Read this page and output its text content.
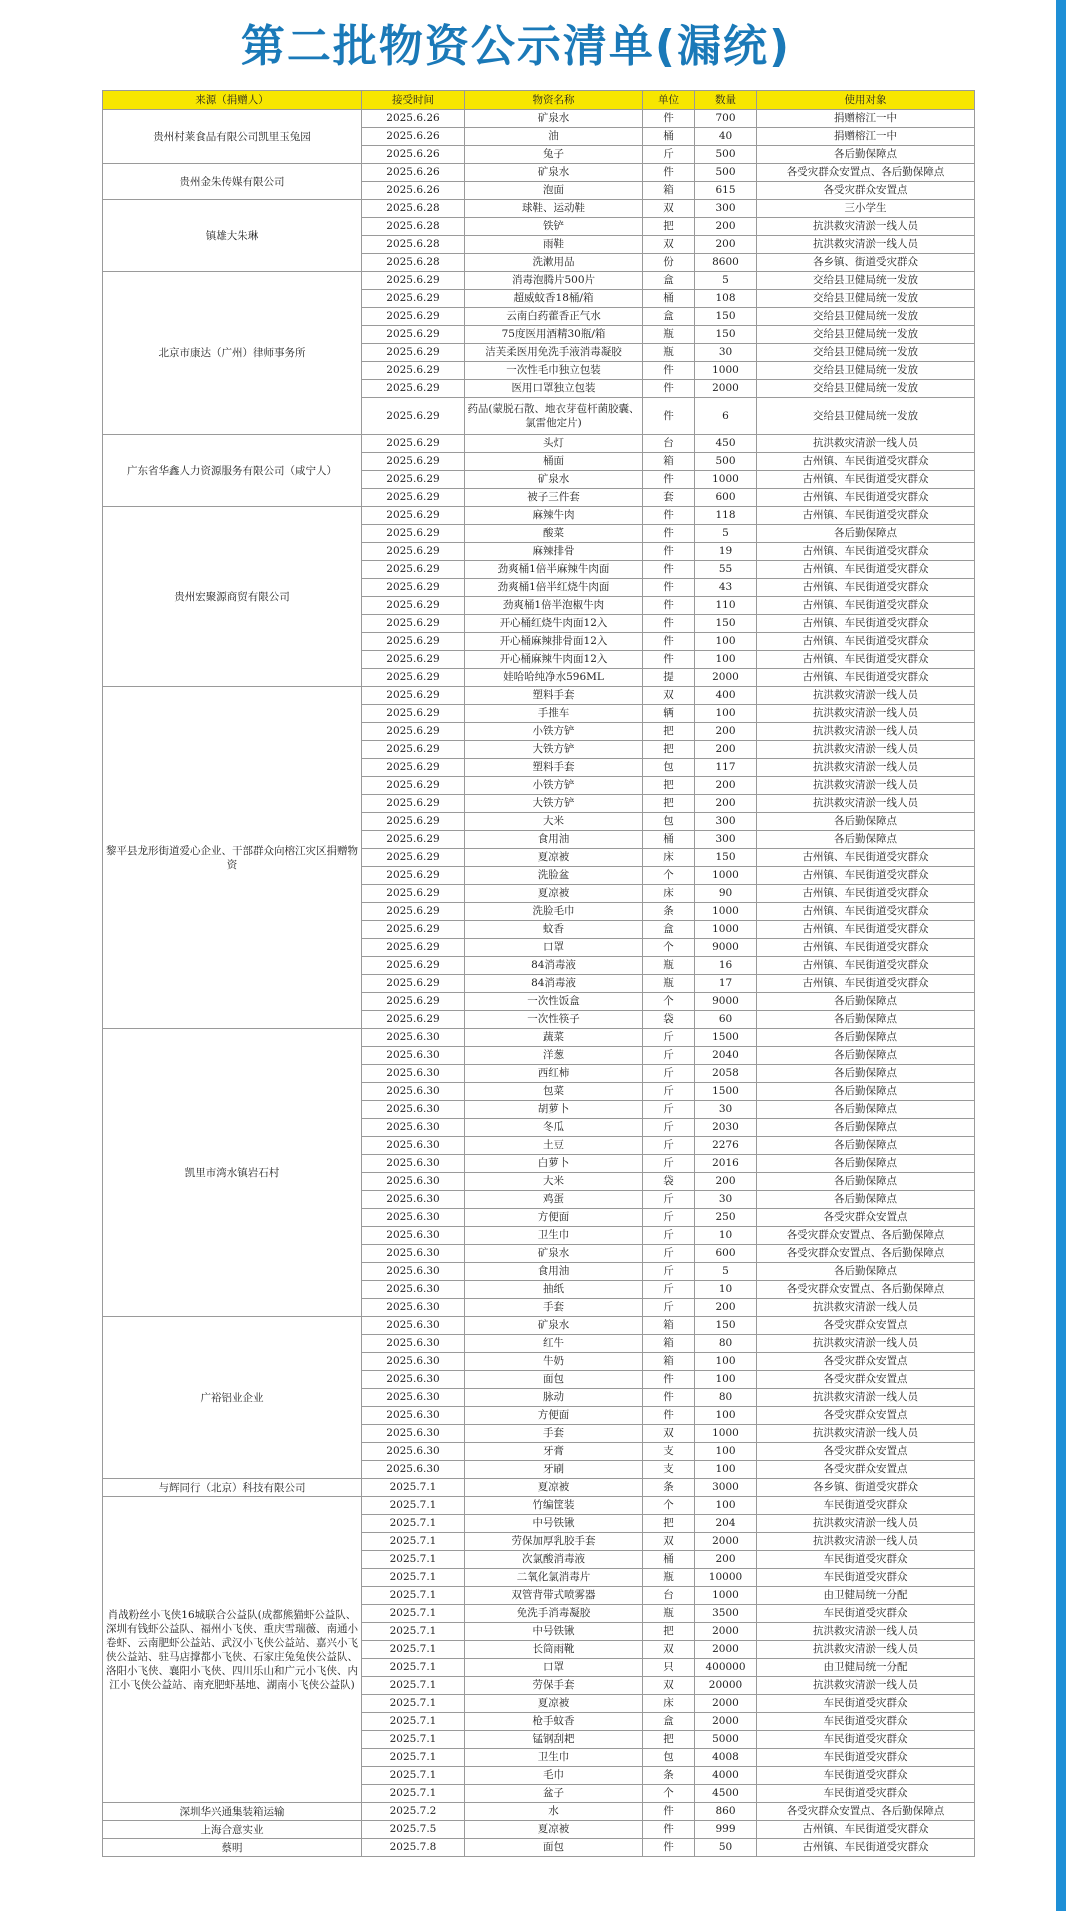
第二批物资公示清单(漏统)
来源（捐赠人）	接受时间	物资名称	单位	数量	使用对象
贵州村莱食品有限公司凯里玉兔园	2025.6.26	矿泉水	件	700	捐赠榕江一中
	2025.6.26	油	桶	40	捐赠榕江一中
	2025.6.26	兔子	斤	500	各后勤保障点
贵州金朱传媒有限公司	2025.6.26	矿泉水	件	500	各受灾群众安置点、各后勤保障点
	2025.6.26	泡面	箱	615	各受灾群众安置点
镇雄大朱琳	2025.6.28	球鞋、运动鞋	双	300	三小学生
	2025.6.28	铁铲	把	200	抗洪救灾清淤一线人员
	2025.6.28	雨鞋	双	200	抗洪救灾清淤一线人员
	2025.6.28	洗漱用品	份	8600	各乡镇、街道受灾群众
北京市康达（广州）律师事务所	2025.6.29	消毒泡腾片500片	盒	5	交给县卫健局统一发放
	2025.6.29	超威蚊香18桶/箱	桶	108	交给县卫健局统一发放
	2025.6.29	云南白药藿香正气水	盒	150	交给县卫健局统一发放
	2025.6.29	75度医用酒精30瓶/箱	瓶	150	交给县卫健局统一发放
	2025.6.29	洁芙柔医用免洗手液消毒凝胶	瓶	30	交给县卫健局统一发放
	2025.6.29	一次性毛巾独立包装	件	1000	交给县卫健局统一发放
	2025.6.29	医用口罩独立包装	件	2000	交给县卫健局统一发放
	2025.6.29	药品(蒙脱石散、地衣芽苞杆菌胶囊、氯雷他定片)	件	6	交给县卫健局统一发放
广东省华鑫人力资源服务有限公司（咸宁人）	2025.6.29	头灯	台	450	抗洪救灾清淤一线人员
	2025.6.29	桶面	箱	500	古州镇、车民街道受灾群众
	2025.6.29	矿泉水	件	1000	古州镇、车民街道受灾群众
	2025.6.29	被子三件套	套	600	古州镇、车民街道受灾群众
贵州宏聚源商贸有限公司	2025.6.29	麻辣牛肉	件	118	古州镇、车民街道受灾群众
	2025.6.29	酸菜	件	5	各后勤保障点
	2025.6.29	麻辣排骨	件	19	古州镇、车民街道受灾群众
	2025.6.29	劲爽桶1倍半麻辣牛肉面	件	55	古州镇、车民街道受灾群众
	2025.6.29	劲爽桶1倍半红烧牛肉面	件	43	古州镇、车民街道受灾群众
	2025.6.29	劲爽桶1倍半泡椒牛肉	件	110	古州镇、车民街道受灾群众
	2025.6.29	开心桶红烧牛肉面12入	件	150	古州镇、车民街道受灾群众
	2025.6.29	开心桶麻辣排骨面12入	件	100	古州镇、车民街道受灾群众
	2025.6.29	开心桶麻辣牛肉面12入	件	100	古州镇、车民街道受灾群众
	2025.6.29	娃哈哈纯净水596ML	提	2000	古州镇、车民街道受灾群众
黎平县龙形街道爱心企业、干部群众向榕江灾区捐赠物资	2025.6.29	塑料手套	双	400	抗洪救灾清淤一线人员
	2025.6.29	手推车	辆	100	抗洪救灾清淤一线人员
	2025.6.29	小铁方铲	把	200	抗洪救灾清淤一线人员
	2025.6.29	大铁方铲	把	200	抗洪救灾清淤一线人员
	2025.6.29	塑料手套	包	117	抗洪救灾清淤一线人员
	2025.6.29	小铁方铲	把	200	抗洪救灾清淤一线人员
	2025.6.29	大铁方铲	把	200	抗洪救灾清淤一线人员
	2025.6.29	大米	包	300	各后勤保障点
	2025.6.29	食用油	桶	300	各后勤保障点
	2025.6.29	夏凉被	床	150	古州镇、车民街道受灾群众
	2025.6.29	洗脸盆	个	1000	古州镇、车民街道受灾群众
	2025.6.29	夏凉被	床	90	古州镇、车民街道受灾群众
	2025.6.29	洗脸毛巾	条	1000	古州镇、车民街道受灾群众
	2025.6.29	蚊香	盒	1000	古州镇、车民街道受灾群众
	2025.6.29	口罩	个	9000	古州镇、车民街道受灾群众
	2025.6.29	84消毒液	瓶	16	古州镇、车民街道受灾群众
	2025.6.29	84消毒液	瓶	17	古州镇、车民街道受灾群众
	2025.6.29	一次性饭盒	个	9000	各后勤保障点
	2025.6.29	一次性筷子	袋	60	各后勤保障点
凯里市湾水镇岩石村	2025.6.30	蔬菜	斤	1500	各后勤保障点
	2025.6.30	洋葱	斤	2040	各后勤保障点
	2025.6.30	西红柿	斤	2058	各后勤保障点
	2025.6.30	包菜	斤	1500	各后勤保障点
	2025.6.30	胡萝卜	斤	30	各后勤保障点
	2025.6.30	冬瓜	斤	2030	各后勤保障点
	2025.6.30	土豆	斤	2276	各后勤保障点
	2025.6.30	白萝卜	斤	2016	各后勤保障点
	2025.6.30	大米	袋	200	各后勤保障点
	2025.6.30	鸡蛋	斤	30	各后勤保障点
	2025.6.30	方便面	斤	250	各受灾群众安置点
	2025.6.30	卫生巾	斤	10	各受灾群众安置点、各后勤保障点
	2025.6.30	矿泉水	斤	600	各受灾群众安置点、各后勤保障点
	2025.6.30	食用油	斤	5	各后勤保障点
	2025.6.30	抽纸	斤	10	各受灾群众安置点、各后勤保障点
	2025.6.30	手套	斤	200	抗洪救灾清淤一线人员
广裕铝业企业	2025.6.30	矿泉水	箱	150	各受灾群众安置点
	2025.6.30	红牛	箱	80	抗洪救灾清淤一线人员
	2025.6.30	牛奶	箱	100	各受灾群众安置点
	2025.6.30	面包	件	100	各受灾群众安置点
	2025.6.30	脉动	件	80	抗洪救灾清淤一线人员
	2025.6.30	方便面	件	100	各受灾群众安置点
	2025.6.30	手套	双	1000	抗洪救灾清淤一线人员
	2025.6.30	牙膏	支	100	各受灾群众安置点
	2025.6.30	牙刷	支	100	各受灾群众安置点
与辉同行（北京）科技有限公司	2025.7.1	夏凉被	条	3000	各乡镇、街道受灾群众
肖战粉丝小飞侠16城联合公益队(成都熊猫虾公益队、深圳有钱虾公益队、福州小飞侠、重庆雪瑞薇、南通小卷虾、云南肥虾公益站、武汉小飞侠公益站、嘉兴小飞侠公益站、驻马店撑都小飞侠、石家庄兔兔侠公益队、洛阳小飞侠、襄阳小飞侠、四川乐山和广元小飞侠、内江小飞侠公益站、南充肥虾基地、湖南小飞侠公益队)	2025.7.1	竹编筐装	个	100	车民街道受灾群众
	2025.7.1	中号铁锹	把	204	抗洪救灾清淤一线人员
	2025.7.1	劳保加厚乳胶手套	双	2000	抗洪救灾清淤一线人员
	2025.7.1	次氯酸消毒液	桶	200	车民街道受灾群众
	2025.7.1	二氧化氯消毒片	瓶	10000	车民街道受灾群众
	2025.7.1	双管背带式喷雾器	台	1000	由卫健局统一分配
	2025.7.1	免洗手消毒凝胶	瓶	3500	车民街道受灾群众
	2025.7.1	中号铁锹	把	2000	抗洪救灾清淤一线人员
	2025.7.1	长筒雨靴	双	2000	抗洪救灾清淤一线人员
	2025.7.1	口罩	只	400000	由卫健局统一分配
	2025.7.1	劳保手套	双	20000	抗洪救灾清淤一线人员
	2025.7.1	夏凉被	床	2000	车民街道受灾群众
	2025.7.1	枪手蚊香	盒	2000	车民街道受灾群众
	2025.7.1	锰钢刮耙	把	5000	车民街道受灾群众
	2025.7.1	卫生巾	包	4008	车民街道受灾群众
	2025.7.1	毛巾	条	4000	车民街道受灾群众
	2025.7.1	盆子	个	4500	车民街道受灾群众
深圳华兴通集装箱运输	2025.7.2	水	件	860	各受灾群众安置点、各后勤保障点
上海合意实业	2025.7.5	夏凉被	件	999	古州镇、车民街道受灾群众
蔡明	2025.7.8	面包	件	50	古州镇、车民街道受灾群众
